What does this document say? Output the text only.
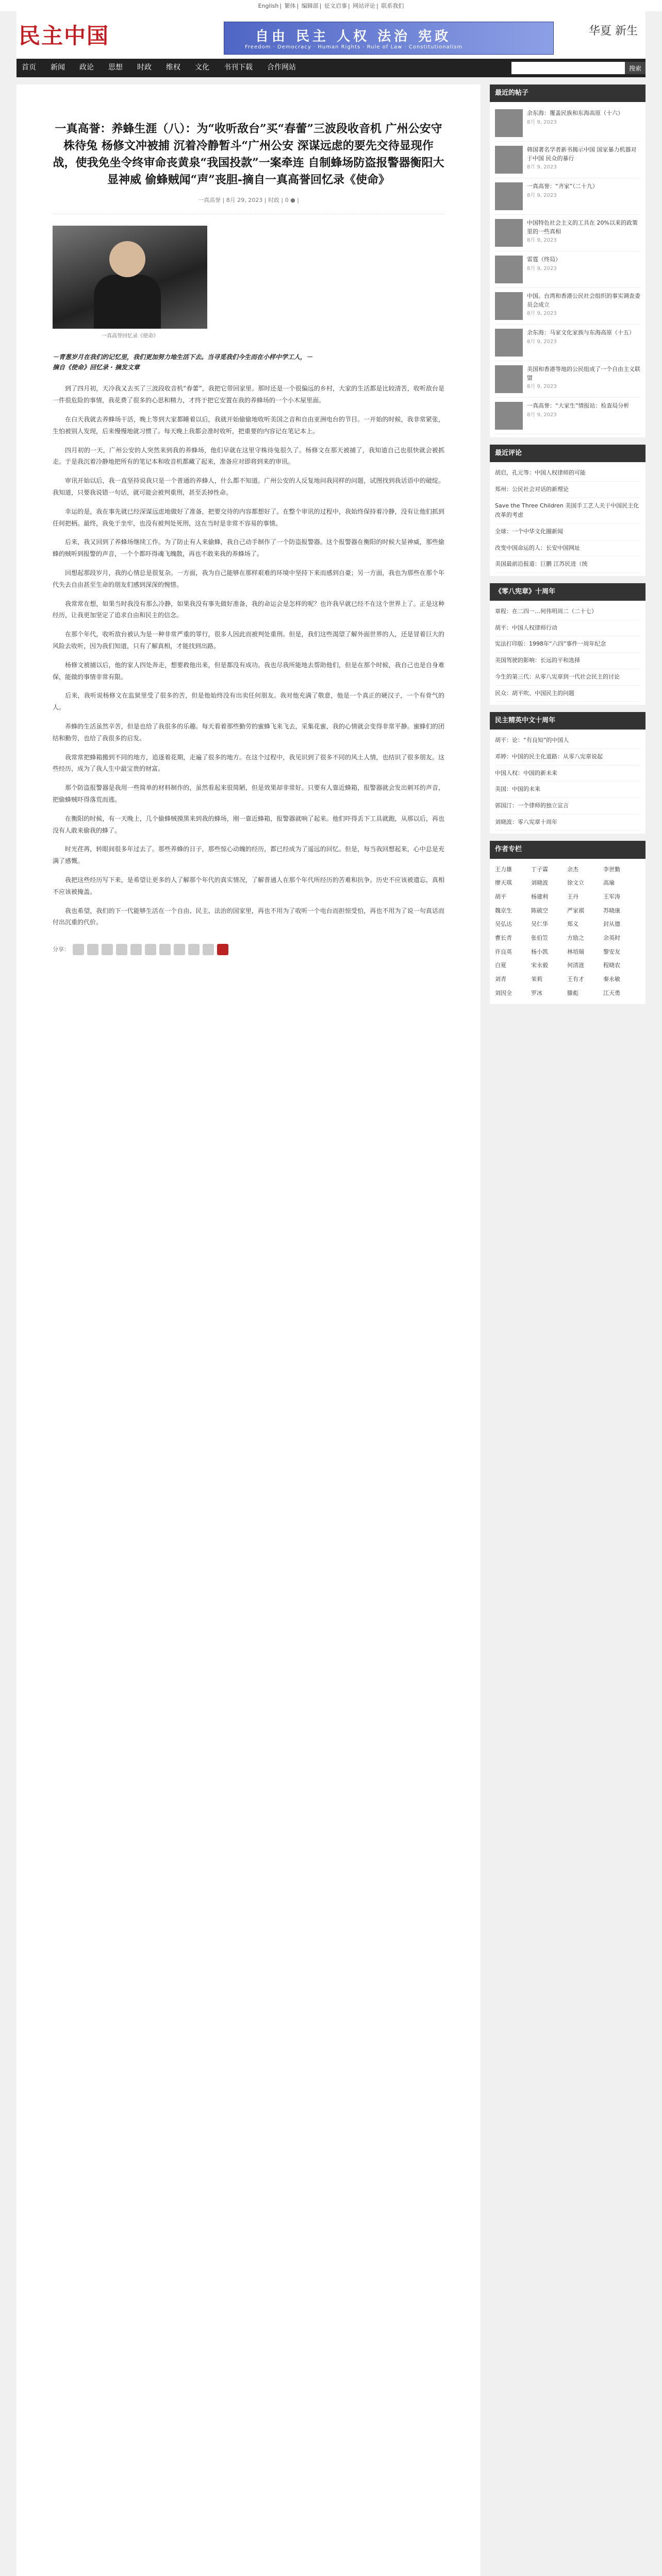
English | 繁体 | 编辑部 | 征文启事 | 网站评论 | 联系我们
民主中国	自由 民主 人权 法治 宪政
Freedom · Democracy · Human Rights · Rule of Law · Constitutionalism
华夏 新生
首页 新闻 政论 思想 时政 维权 文化 书刊下载 合作网站	搜索
一真高誉：养蜂生涯（八）：为“收听敌台”买“春蕾”三波段收音机 广州公安守株待兔 杨修文冲被捕 沉着冷静暂斗“广州公安 深谋远虑的要先交待显现作战，使我免坐令终审命丧黄泉“我国投款”一案牵连 自制蜂场防盗报警器衡阳大显神威 偷蜂贼闻“声”丧胆-摘自一真高誉回忆录《使命》
一真高誉 | 8月 29, 2023 | 时政 | 0 ● |
一真高誉回忆录《使命》

－青葱岁月在我们的记忆里，我们更加努力地生活下去。当寻觅我们今生而在小样中学工人，－
摘自《使命》回忆录 · 摘发文章

到了四月初，天冷我又去买了三波段收音机“春蕾”，我把它带回家里。那时还是一个很偏远的乡村，大家的生活都是比较清苦，收听敌台是一件很危险的事情，我花费了很多的心思和精力，才终于把它安置在我的养蜂场的一个小木屋里面。

在白天我就去养蜂场干活，晚上等到大家都睡着以后，我就开始偷偷地收听美国之音和自由亚洲电台的节目。一开始的时候，我非常紧张，生怕被别人发现，后来慢慢地就习惯了。每天晚上我都会准时收听，把重要的内容记在笔记本上。

四月初的一天，广州公安的人突然来到我的养蜂场，他们早就在这里守株待兔很久了。杨修文在那天被捕了，我知道自己也很快就会被抓走。于是我沉着冷静地把所有的笔记本和收音机都藏了起来，准备应对即将到来的审讯。

审讯开始以后，我一直坚持说我只是一个普通的养蜂人，什么都不知道。广州公安的人反复地问我同样的问题，试图找到我话语中的破绽。我知道，只要我说错一句话，就可能会被判重刑，甚至丢掉性命。

幸运的是，我在事先就已经深谋远虑地做好了准备，把要交待的内容都想好了。在整个审讯的过程中，我始终保持着冷静，没有让他们抓到任何把柄。最终，我免于坐牢，也没有被判处死刑，这在当时是非常不容易的事情。

后来，我又回到了养蜂场继续工作。为了防止有人来偷蜂，我自己动手制作了一个防盗报警器。这个报警器在衡阳的时候大显神威，那些偷蜂的贼听到报警的声音，一个个都吓得魂飞魄散，再也不敢来我的养蜂场了。

回想起那段岁月，我的心情总是很复杂。一方面，我为自己能够在那样艰难的环境中坚持下来而感到自豪；另一方面，我也为那些在那个年代失去自由甚至生命的朋友们感到深深的惋惜。

我常常在想，如果当时我没有那么冷静，如果我没有事先做好准备，我的命运会是怎样的呢？也许我早就已经不在这个世界上了。正是这种经历，让我更加坚定了追求自由和民主的信念。

在那个年代，收听敌台被认为是一种非常严重的罪行，很多人因此而被判处重刑。但是，我们这些渴望了解外面世界的人，还是冒着巨大的风险去收听，因为我们知道，只有了解真相，才能找到出路。

杨修文被捕以后，他的家人四处奔走，想要救他出来，但是都没有成功。我也尽我所能地去帮助他们，但是在那个时候，我自己也是自身难保，能做的事情非常有限。

后来，我听说杨修文在监狱里受了很多的苦，但是他始终没有出卖任何朋友。我对他充满了敬意，他是一个真正的硬汉子，一个有骨气的人。

养蜂的生活虽然辛苦，但是也给了我很多的乐趣。每天看着那些勤劳的蜜蜂飞来飞去，采集花蜜，我的心情就会变得非常平静。蜜蜂们的团结和勤劳，也给了我很多的启发。

我常常把蜂箱搬到不同的地方，追逐着花期，走遍了很多的地方。在这个过程中，我见识到了很多不同的风土人情，也结识了很多朋友。这些经历，成为了我人生中最宝贵的财富。

那个防盗报警器是我用一些简单的材料制作的，虽然看起来很简陋，但是效果却非常好。只要有人靠近蜂箱，报警器就会发出刺耳的声音，把偷蜂贼吓得落荒而逃。

在衡阳的时候，有一天晚上，几个偷蜂贼摸黑来到我的蜂场，刚一靠近蜂箱，报警器就响了起来。他们吓得丢下工具就跑，从那以后，再也没有人敢来偷我的蜂了。

时光荏苒，转眼间很多年过去了。那些养蜂的日子，那些惊心动魄的经历，都已经成为了遥远的回忆。但是，每当我回想起来，心中总是充满了感慨。

我把这些经历写下来，是希望让更多的人了解那个年代的真实情况，了解普通人在那个年代所经历的苦难和抗争。历史不应该被遗忘，真相不应该被掩盖。

我也希望，我们的下一代能够生活在一个自由、民主、法治的国家里，再也不用为了收听一个电台而担惊受怕，再也不用为了说一句真话而付出沉重的代价。

分享：

最近的帖子
余东海：覆盖民族和东海高原（十六）
8月 9, 2023
韩国著名学者新书揭示中国 国家暴力机器对于中国 民众的暴行
8月 9, 2023
一真高誉：“齐家”（二十九）
8月 9, 2023
中国特色社会主义的工具在 20%以来的政策里的一些真相
8月 9, 2023
雷霆（终局）
8月 9, 2023
中国。台湾和香港公民社会组织的事实调查委员会成立
8月 9, 2023
余东海：马家文化家族与东海高原（十五）
8月 9, 2023
美国和香港等地的公民组成了一个自由主义联盟
8月 9, 2023
一真高誉：“大家生”情报站：检查局分析
8月 9, 2023
最近评论
胡启，孔元等：中国人权律师的可能
郑州：公民社会对话的新理论
Save the Three Children 美国手工艺人关于中国民主化改革的考虑
全球：一个中华文化圈新闻
改变中国命运的人：长安中国网址
美国最前沿报道：巨鹏 江苏民进（统
《零八宪章》十周年
章程：在二四一…何伟明周二（二十七）
胡平：中国人权律师行动
宪法打印版：1998年“六四”事件一周年纪念
美国驾驶的影响：长远的平和选择
今生的第三代：从零八宪章到一代社会民主的讨论
民众：胡平吹、中国民主的问题
民主精英中文十周年
胡平：论：“有良知”的中国人
邓婷：中国的民主化道路：从零八宪章说起
中国人权：中国的新未来
美国：中国的未来
郭国汀：一个律师的独立宣言
刘晓波：零八宪章十周年
作者专栏
王力雄	丁子霖	余杰	李世勤
廖天琪	刘晓波	徐文立	高瑜
胡平	杨建利	王丹	王军涛
魏京生	陈破空	严家祺	苏晓康
吴弘达	吴仁华	郑义	封从德
曹长青	张伯笠	方励之	余英时
许良英	杨小凯	林培瑞	黎安友
白夏	宋永毅	何清涟	程晓农
刘青	茉莉	王有才	秦永敏
刘因全	罗冰	滕彪	江天勇
